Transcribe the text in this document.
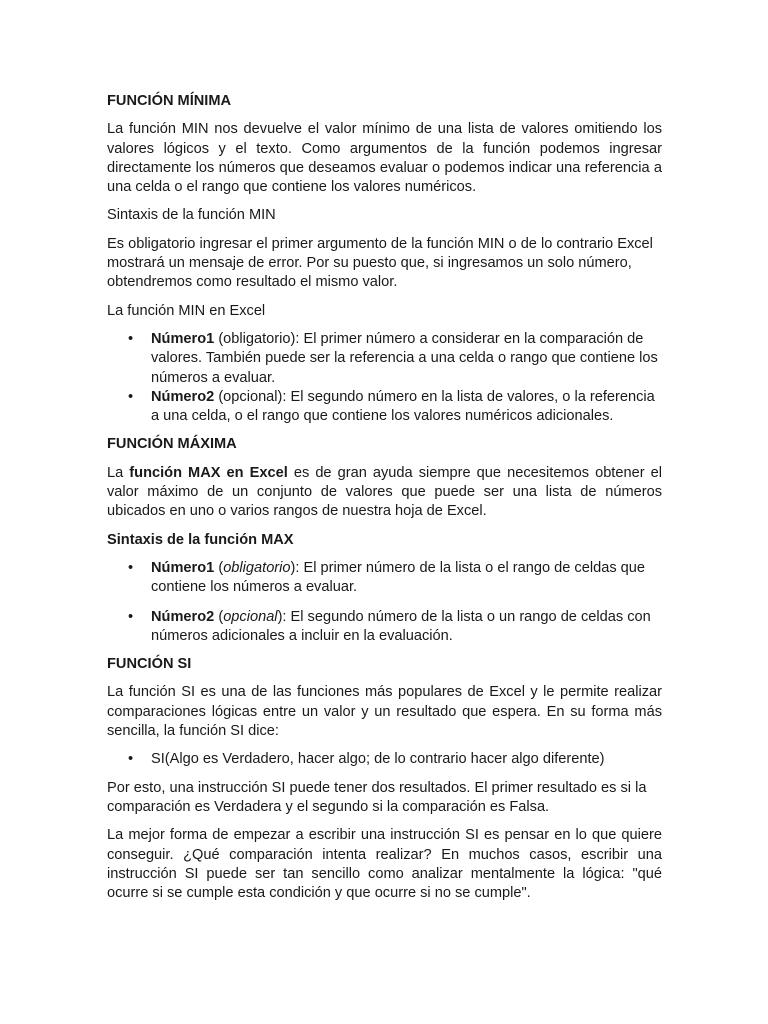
FUNCIÓN MÍNIMA
La función MIN nos devuelve el valor mínimo de una lista de valores omitiendo los valores lógicos y el texto. Como argumentos de la función podemos ingresar directamente los números que deseamos evaluar o podemos indicar una referencia a una celda o el rango que contiene los valores numéricos.
Sintaxis de la función MIN
Es obligatorio ingresar el primer argumento de la función MIN o de lo contrario Excel mostrará un mensaje de error. Por su puesto que, si ingresamos un solo número, obtendremos como resultado el mismo valor.
La función MIN en Excel
• Número1 (obligatorio): El primer número a considerar en la comparación de valores. También puede ser la referencia a una celda o rango que contiene los números a evaluar.
• Número2 (opcional): El segundo número en la lista de valores, o la referencia a una celda, o el rango que contiene los valores numéricos adicionales.
FUNCIÓN MÁXIMA
La función MAX en Excel es de gran ayuda siempre que necesitemos obtener el valor máximo de un conjunto de valores que puede ser una lista de números ubicados en uno o varios rangos de nuestra hoja de Excel.
Sintaxis de la función MAX
• Número1 (obligatorio): El primer número de la lista o el rango de celdas que contiene los números a evaluar.
• Número2 (opcional): El segundo número de la lista o un rango de celdas con números adicionales a incluir en la evaluación.
FUNCIÓN SI
La función SI es una de las funciones más populares de Excel y le permite realizar comparaciones lógicas entre un valor y un resultado que espera. En su forma más sencilla, la función SI dice:
• SI(Algo es Verdadero, hacer algo; de lo contrario hacer algo diferente)
Por esto, una instrucción SI puede tener dos resultados. El primer resultado es si la comparación es Verdadera y el segundo si la comparación es Falsa.
La mejor forma de empezar a escribir una instrucción SI es pensar en lo que quiere conseguir. ¿Qué comparación intenta realizar? En muchos casos, escribir una instrucción SI puede ser tan sencillo como analizar mentalmente la lógica: "qué ocurre si se cumple esta condición y que ocurre si no se cumple".
